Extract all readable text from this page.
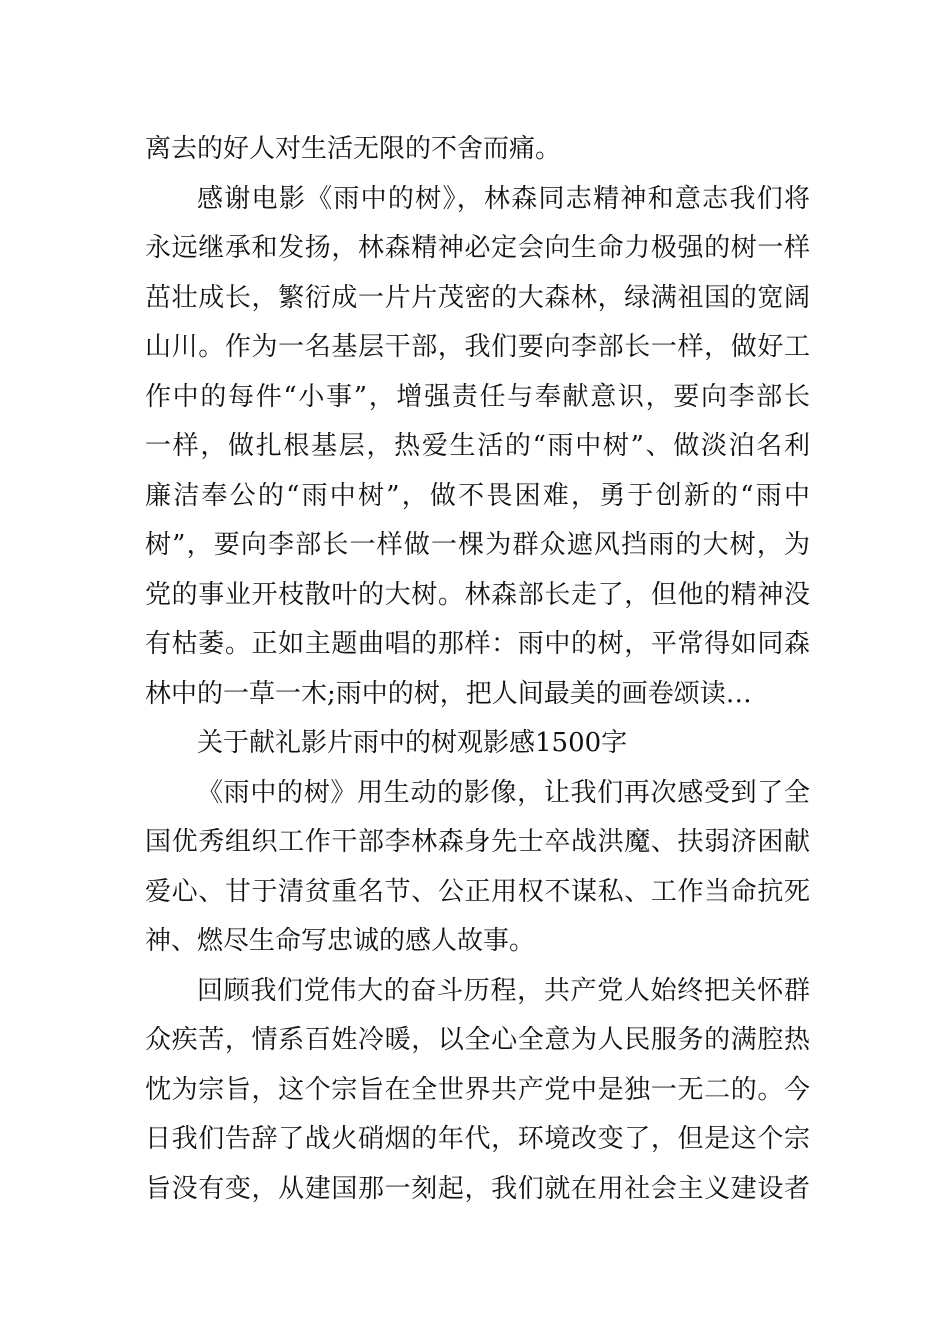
离去的好人对生活无限的不舍而痛。
感谢电影《雨中的树》，林森同志精神和意志我们将
永远继承和发扬，林森精神必定会向生命力极强的树一样
茁壮成长，繁衍成一片片茂密的大森林，绿满祖国的宽阔
山川。作为一名基层干部，我们要向李部长一样，做好工
作中的每件“小事”，增强责任与奉献意识，要向李部长
一样，做扎根基层，热爱生活的“雨中树”、做淡泊名利
廉洁奉公的“雨中树”，做不畏困难，勇于创新的“雨中
树”，要向李部长一样做一棵为群众遮风挡雨的大树，为
党的事业开枝散叶的大树。林森部长走了，但他的精神没
有枯萎。正如主题曲唱的那样：雨中的树，平常得如同森
林中的一草一木;雨中的树，把人间最美的画卷颂读…
关于献礼影片雨中的树观影感1500字
《雨中的树》用生动的影像，让我们再次感受到了全
国优秀组织工作干部李林森身先士卒战洪魔、扶弱济困献
爱心、甘于清贫重名节、公正用权不谋私、工作当命抗死
神、燃尽生命写忠诚的感人故事。
回顾我们党伟大的奋斗历程，共产党人始终把关怀群
众疾苦，情系百姓冷暖，以全心全意为人民服务的满腔热
忱为宗旨，这个宗旨在全世界共产党中是独一无二的。今
日我们告辞了战火硝烟的年代，环境改变了，但是这个宗
旨没有变，从建国那一刻起，我们就在用社会主义建设者
